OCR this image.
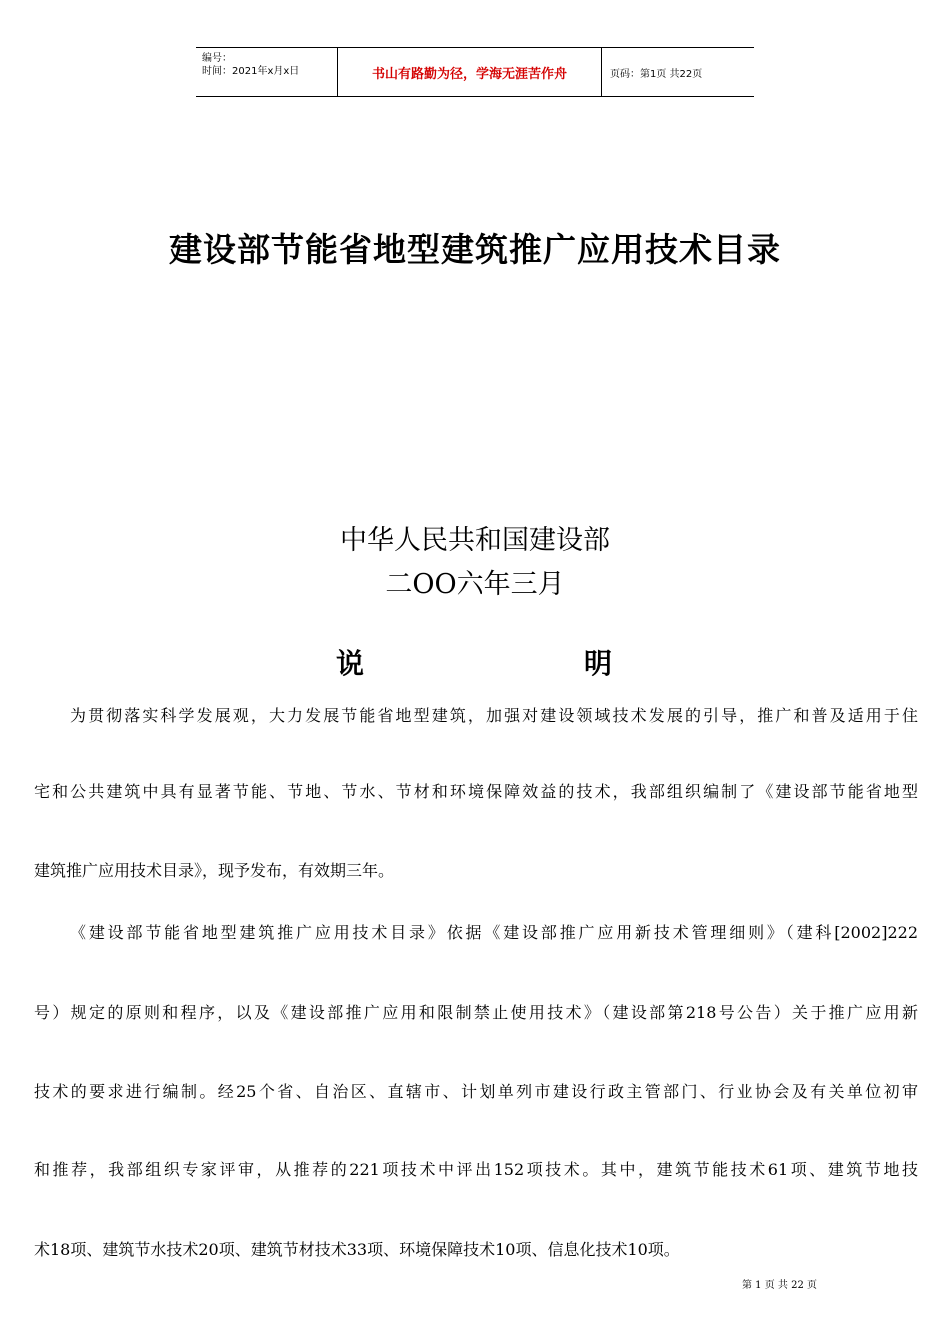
编号：
时间：2021年x月x日	书山有路勤为径，学海无涯苦作舟	页码：第1页 共22页
建设部节能省地型建筑推广应用技术目录
中华人民共和国建设部
二OO六年三月
说	明
为贯彻落实科学发展观，大力发展节能省地型建筑，加强对建设领域技术发展的引导，推广和普及适用于住
宅和公共建筑中具有显著节能、节地、节水、节材和环境保障效益的技术，我部组织编制了《建设部节能省地型
建筑推广应用技术目录》，现予发布，有效期三年。
《建设部节能省地型建筑推广应用技术目录》依据《建设部推广应用新技术管理细则》（建科[2002]222
号）规定的原则和程序，以及《建设部推广应用和限制禁止使用技术》（建设部第218号公告）关于推广应用新
技术的要求进行编制。经25个省、自治区、直辖市、计划单列市建设行政主管部门、行业协会及有关单位初审
和推荐，我部组织专家评审，从推荐的221项技术中评出152项技术。其中，建筑节能技术61项、建筑节地技
术18项、建筑节水技术20项、建筑节材技术33项、环境保障技术10项、信息化技术10项。
第 1 页 共 22 页
